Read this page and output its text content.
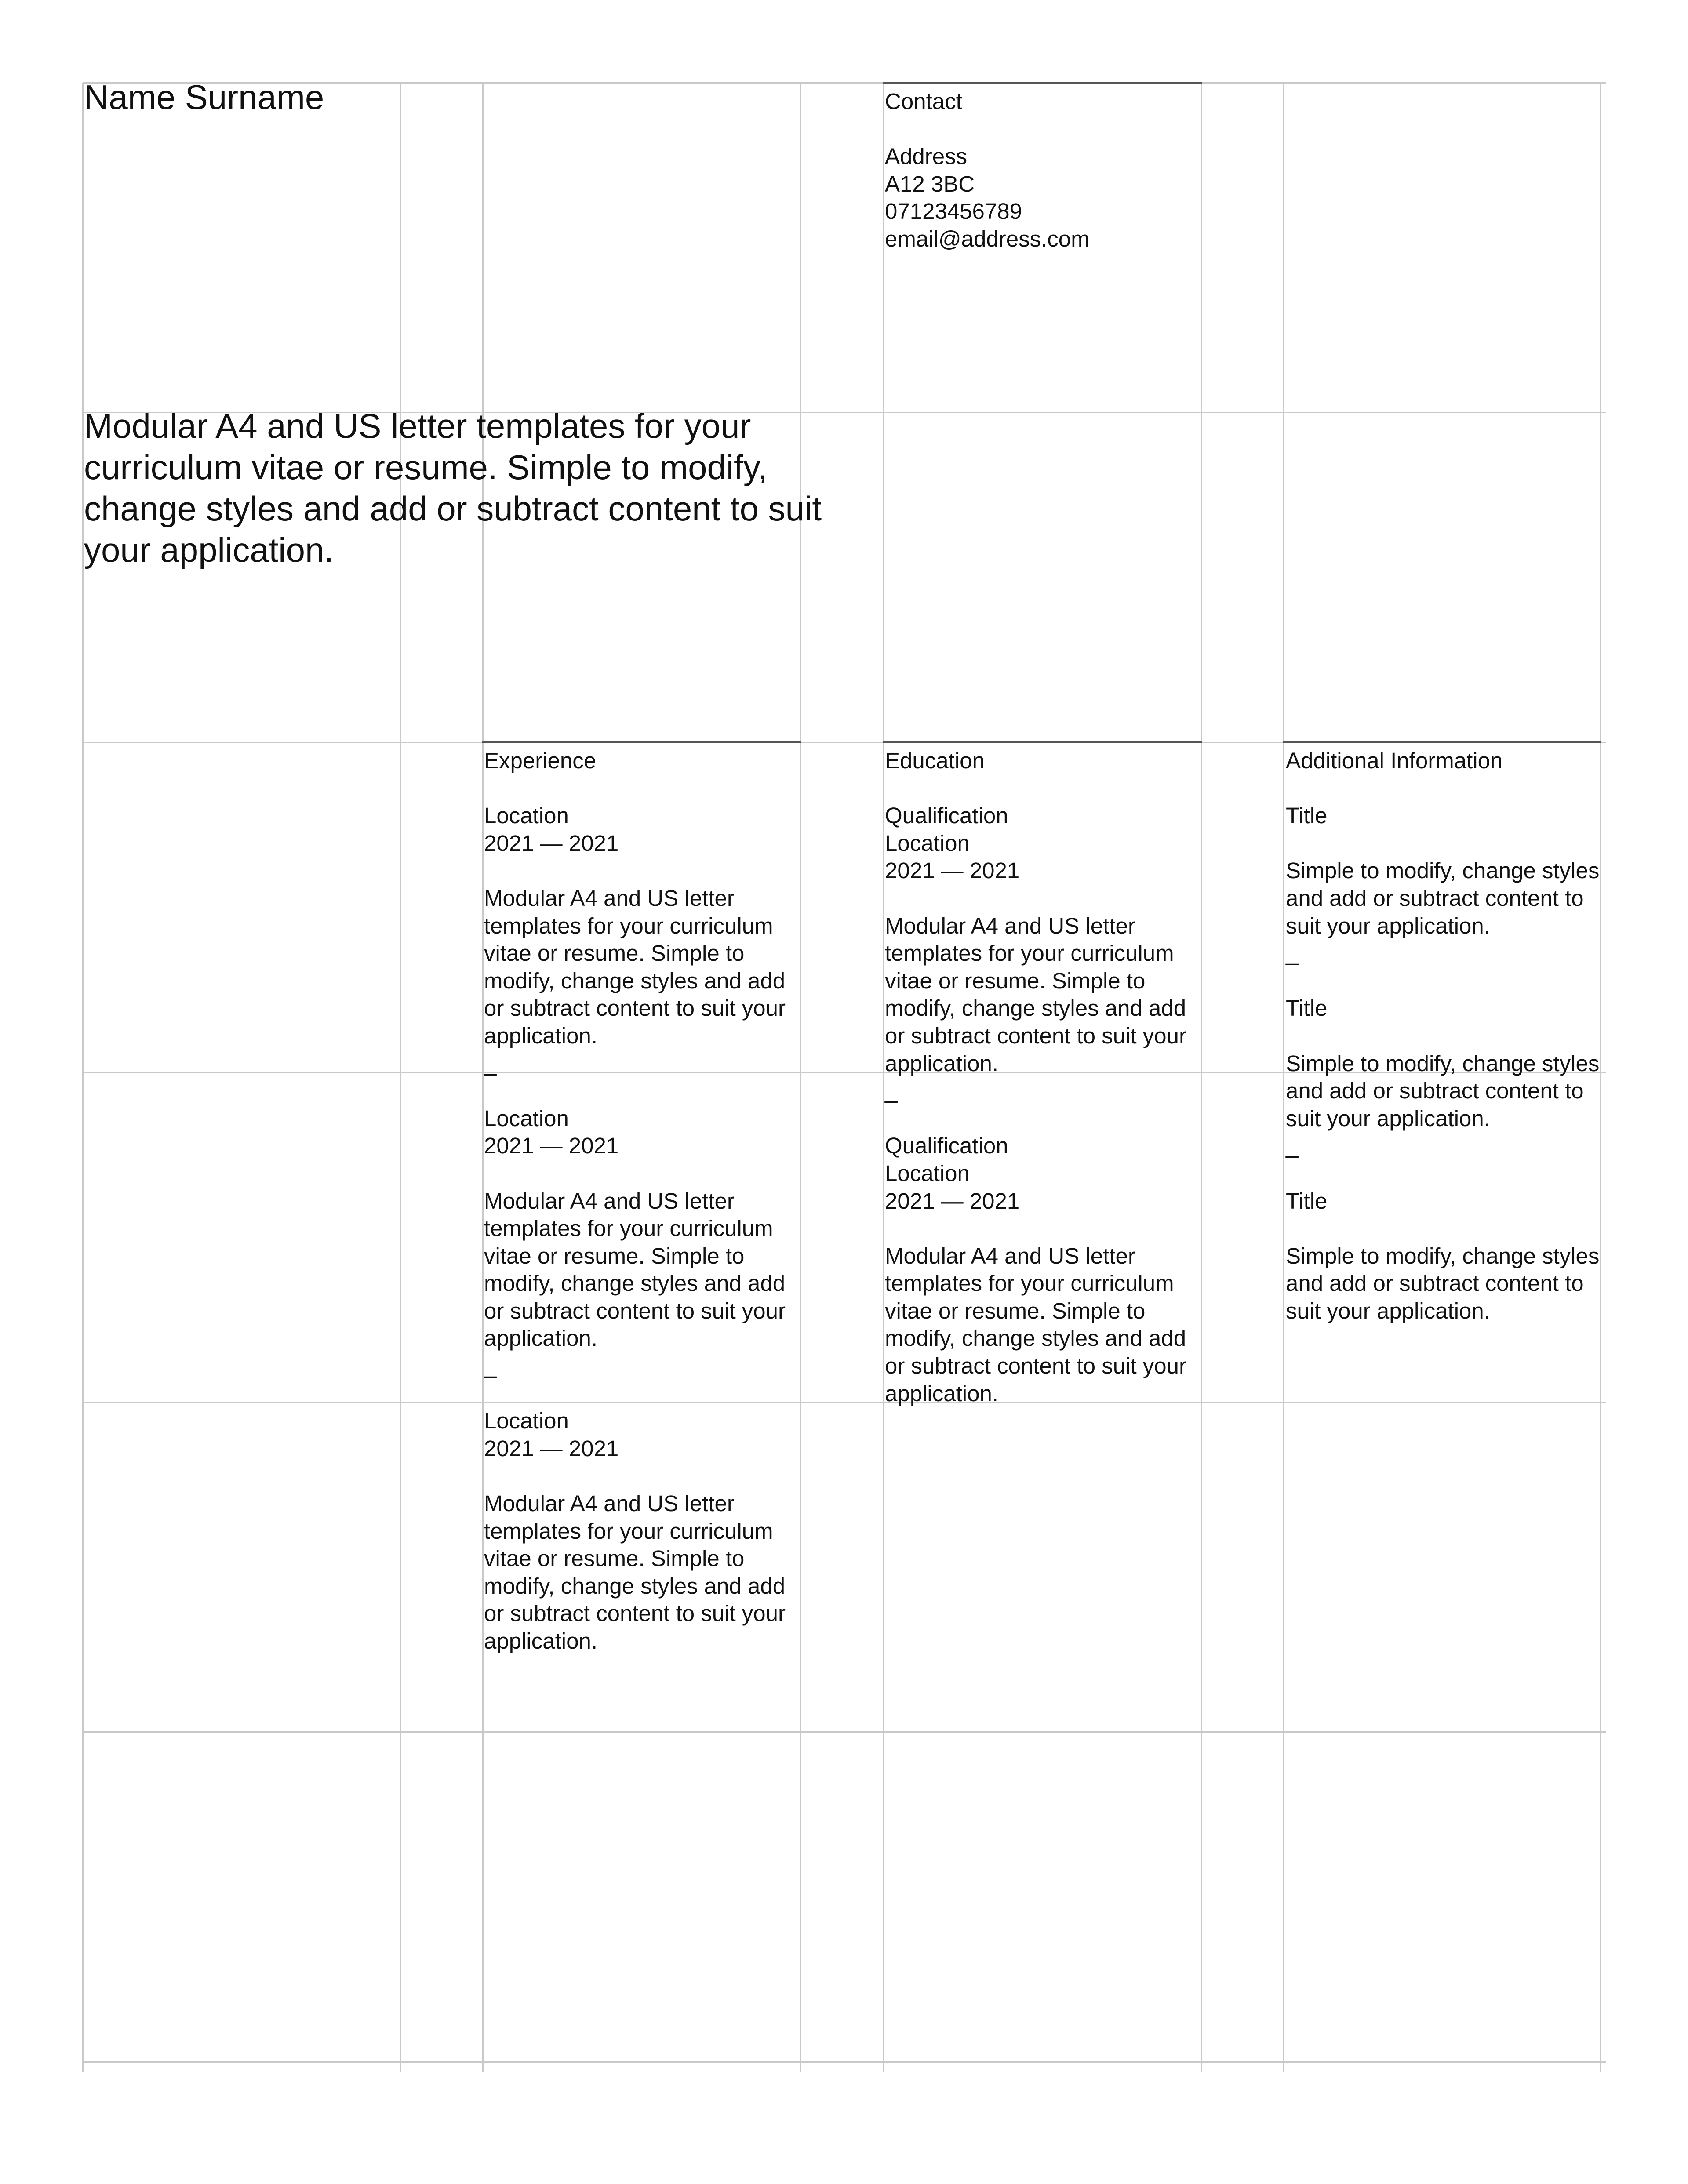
Name Surname

Modular A4 and US letter templates for your curriculum vitae or resume. Simple to modify, change styles and add or subtract content to suit your application.

Contact
Address
A12 3BC
07123456789
email@address.com
Experience
Location
2021 — 2021
Modular A4 and US letter templates for your curriculum vitae or resume. Simple to modify, change styles and add or subtract content to suit your application.
_
Location
2021 — 2021
Modular A4 and US letter templates for your curriculum vitae or resume. Simple to modify, change styles and add or subtract content to suit your application.
_
Location
2021 — 2021
Modular A4 and US letter templates for your curriculum vitae or resume. Simple to modify, change styles and add or subtract content to suit your application.
Education
Qualification
Location
2021 — 2021
Modular A4 and US letter templates for your curriculum vitae or resume. Simple to modify, change styles and add or subtract content to suit your application.
_
Qualification
Location
2021 — 2021
Modular A4 and US letter templates for your curriculum vitae or resume. Simple to modify, change styles and add or subtract content to suit your application.
Additional Information
Title
Simple to modify, change styles and add or subtract content to suit your application.
_
Title
Simple to modify, change styles and add or subtract content to suit your application.
_
Title
Simple to modify, change styles and add or subtract content to suit your application.
